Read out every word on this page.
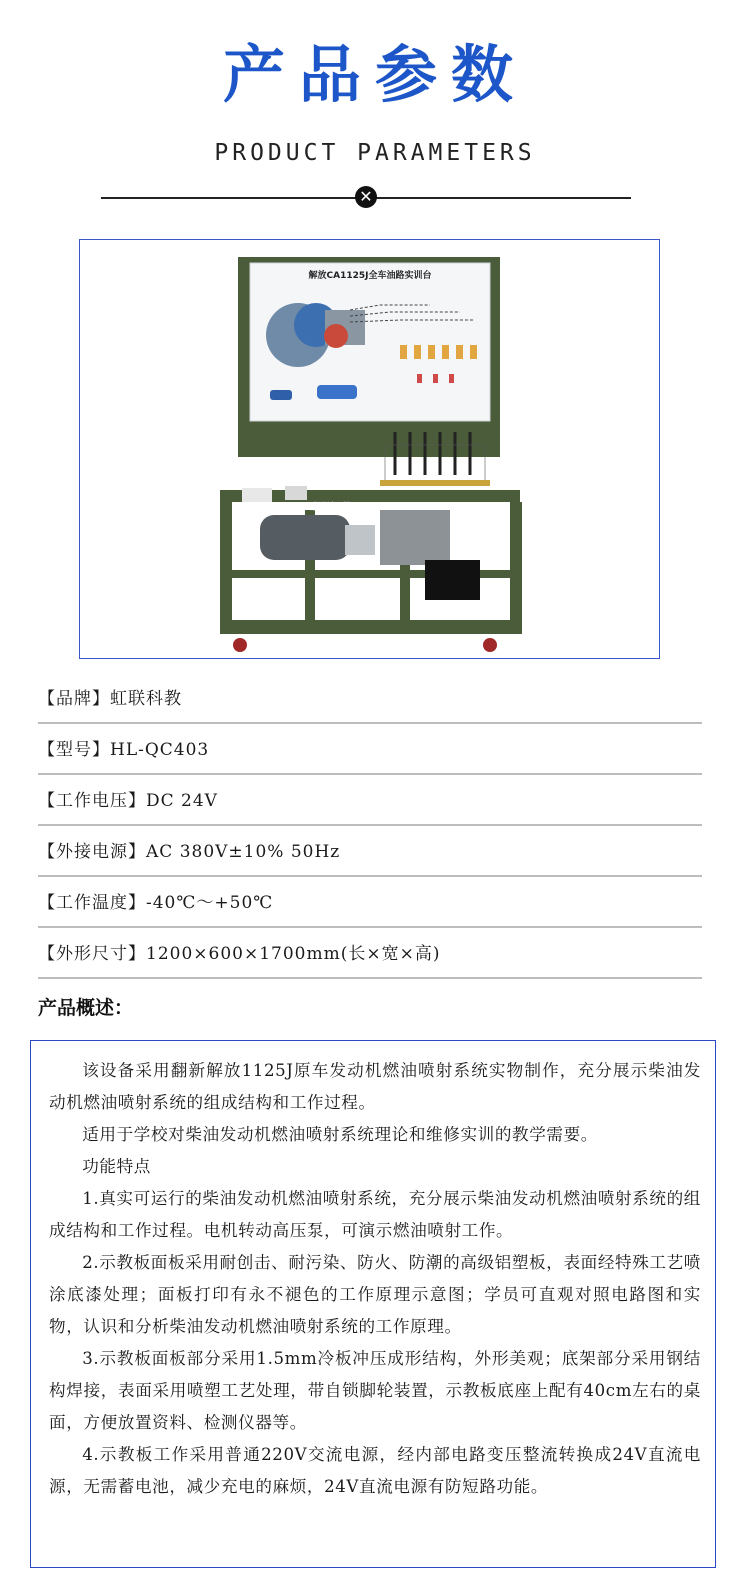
产品参数
PRODUCT PARAMETERS
✕
解放CA1125J全车油路实训台
惠州虹联
【品牌】虹联科教
【型号】HL-QC403
【工作电压】DC 24V
【外接电源】AC 380V±10% 50Hz
【工作温度】-40℃～+50℃
【外形尺寸】1200×600×1700mm(长×宽×高)
产品概述：

该设备采用翻新解放1125J原车发动机燃油喷射系统实物制作，充分展示柴油发动机燃油喷射系统的组成结构和工作过程。

适用于学校对柴油发动机燃油喷射系统理论和维修实训的教学需要。

功能特点

1.真实可运行的柴油发动机燃油喷射系统，充分展示柴油发动机燃油喷射系统的组成结构和工作过程。电机转动高压泵，可演示燃油喷射工作。

2.示教板面板采用耐创击、耐污染、防火、防潮的高级铝塑板，表面经特殊工艺喷涂底漆处理；面板打印有永不褪色的工作原理示意图；学员可直观对照电路图和实物，认识和分析柴油发动机燃油喷射系统的工作原理。

3.示教板面板部分采用1.5mm冷板冲压成形结构，外形美观；底架部分采用钢结构焊接，表面采用喷塑工艺处理，带自锁脚轮装置，示教板底座上配有40cm左右的桌面，方便放置资料、检测仪器等。

4.示教板工作采用普通220V交流电源，经内部电路变压整流转换成24V直流电源，无需蓄电池，减少充电的麻烦，24V直流电源有防短路功能。
